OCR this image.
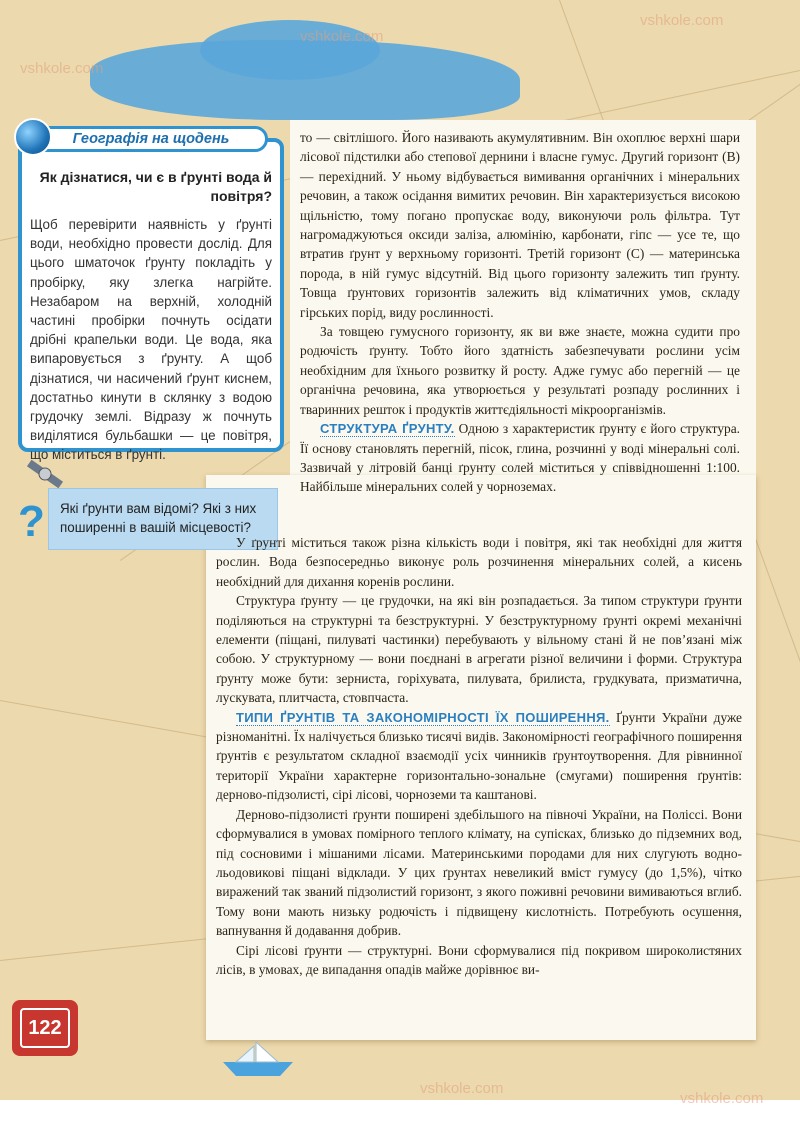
vshkole.com
vshkole.com
vshkole.com
vshkole.com
vshkole.com
Географія на щодень
Як дізнатися, чи є в ґрунті вода й повітря?
Щоб перевірити наявність у ґрунті води, необхідно провести дослід. Для цього шматочок ґрунту покладіть у пробірку, яку злегка нагрійте. Незабаром на верхній, холодній частині пробірки почнуть осідати дрібні крапельки води. Це вода, яка випаровується з ґрунту. А щоб дізнатися, чи насичений ґрунт киснем, достатньо кинути в склянку з водою грудочку землі. Відразу ж почнуть виділятися бульбашки — це повітря, що міститься в ґрунті.
? Які ґрунти вам відомі? Які з них поширенні в вашій місцевості?

то — світлішого. Його називають акумулятивним. Він охоплює верхні шари лісової підстилки або степової дернини і власне гумус. Другий горизонт (В) — перехідний. У ньому відбувається вимивання органічних і мінеральних речовин, а також осідання вимитих речовин. Він характеризується високою щільністю, тому погано пропускає воду, виконуючи роль фільтра. Тут нагромаджуються оксиди заліза, алюмінію, карбонати, гіпс — усе те, що втратив ґрунт у верхньому горизонті. Третій горизонт (С) — материнська порода, в ній гумус відсутній. Від цього горизонту залежить тип ґрунту. Товща ґрунтових горизонтів залежить від кліматичних умов, складу гірських порід, виду рослинності.

За товщею гумусного горизонту, як ви вже знаєте, можна судити про родючість ґрунту. Тобто його здатність забезпечувати рослини усім необхідним для їхнього розвитку й росту. Адже гумус або перегній — це органічна речовина, яка утворюється у результаті розпаду рослинних і тваринних решток і продуктів життєдіяльності мікроорганізмів.

СТРУКТУРА ҐРУНТУ. Одною з характеристик ґрунту є його структура. Її основу становлять перегній, пісок, глина, розчинні у воді мінеральні солі. Зазвичай у літровій банці ґрунту солей міститься у співвідношенні 1:100. Найбільше мінеральних солей у чорноземах.

У ґрунті міститься також різна кількість води і повітря, які так необхідні для життя рослин. Вода безпосередньо виконує роль розчинення мінеральних солей, а кисень необхідний для дихання коренів рослини.

Структура ґрунту — це грудочки, на які він розпадається. За типом структури ґрунти поділяються на структурні та безструктурні. У безструктурному ґрунті окремі механічні елементи (піщані, пилуваті частинки) перебувають у вільному стані й не пов’язані між собою. У структурному — вони поєднані в агрегати різної величини і форми. Структура ґрунту може бути: зерниста, горіхувата, пилувата, брилиста, грудкувата, призматична, лускувата, плитчаста, стовпчаста.

ТИПИ ҐРУНТІВ ТА ЗАКОНОМІРНОСТІ ЇХ ПОШИРЕННЯ. Ґрунти України дуже різноманітні. Їх налічується близько тисячі видів. Закономірності географічного поширення ґрунтів є результатом складної взаємодії усіх чинників ґрунтоутворення. Для рівнинної території України характерне горизонтально-зональне (смугами) поширення ґрунтів: дерново-підзолисті, сірі лісові, чорноземи та каштанові.

Дерново-підзолисті ґрунти поширені здебільшого на півночі України, на Поліссі. Вони сформувалися в умовах помірного теплого клімату, на супісках, близько до підземних вод, під сосновими і мішаними лісами. Материнськими породами для них слугують водно-льодовикові піщані відклади. У цих ґрунтах невеликий вміст гумусу (до 1,5%), чітко виражений так званий підзолистий горизонт, з якого поживні речовини вимиваються вглиб. Тому вони мають низьку родючість і підвищену кислотність. Потребують осушення, вапнування й додавання добрив.

Сірі лісові ґрунти — структурні. Вони сформувалися під покривом широколистяних лісів, в умовах, де випадання опадів майже дорівнює ви-

122
